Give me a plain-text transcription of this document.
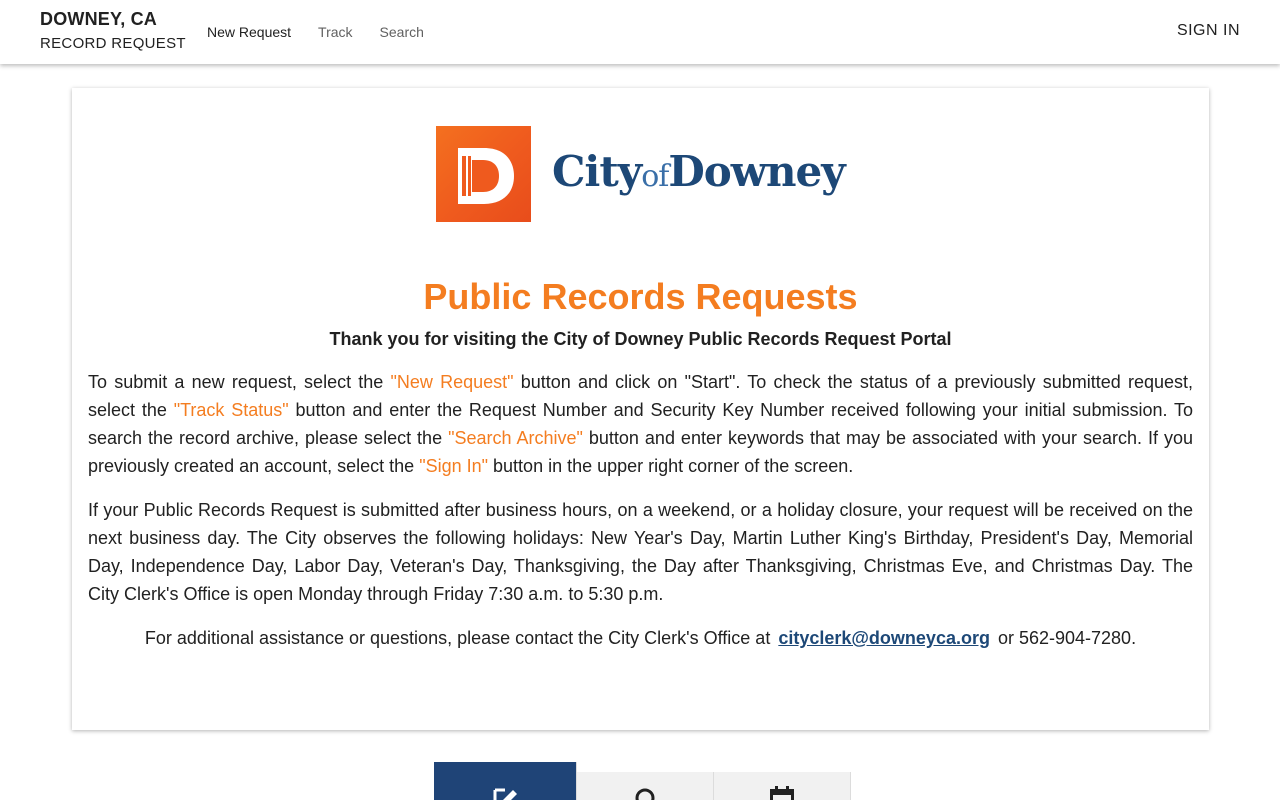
DOWNEY, CA
RECORD REQUEST
New Request Track Search	SIGN IN
CityofDowney
Public Records Requests
Thank you for visiting the City of Downey Public Records Request Portal

To submit a new request, select the "New Request" button and click on "Start". To check the status of a previously submitted request, select the "Track Status" button and enter the Request Number and Security Key Number received following your initial submission. To search the record archive, please select the "Search Archive" button and enter keywords that may be associated with your search. If you previously created an account, select the "Sign In" button in the upper right corner of the screen.

If your Public Records Request is submitted after business hours, on a weekend, or a holiday closure, your request will be received on the next business day. The City observes the following holidays: New Year's Day, Martin Luther King's Birthday, President's Day, Memorial Day, Independence Day, Labor Day, Veteran's Day, Thanksgiving, the Day after Thanksgiving, Christmas Eve, and Christmas Day. The City Clerk's Office is open Monday through Friday 7:30 a.m. to 5:30 p.m.

For additional assistance or questions, please contact the City Clerk's Office at cityclerk@downeyca.org or 562-904-7280.
